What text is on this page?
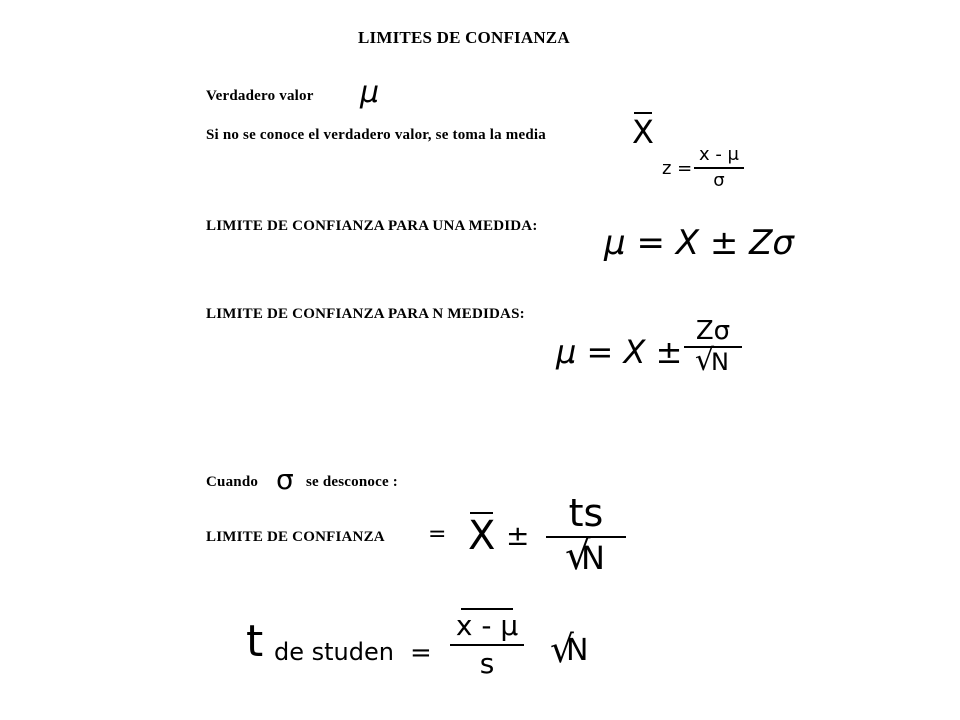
LIMITES DE CONFIANZA
Verdadero valor μ
Si no se conoce el verdadero valor, se toma la media	X
z =
x - μ
σ
LIMITE DE CONFIANZA PARA UNA MEDIDA: μ = X ± Zσ
LIMITE DE CONFIANZA PARA N MEDIDAS:
μ = X ±
Zσ
√ N
Cuando σ se desconoce :
LIMITE DE CONFIANZA = X ±
ts
√ N
t de studen =
x - μ
s
√	N
